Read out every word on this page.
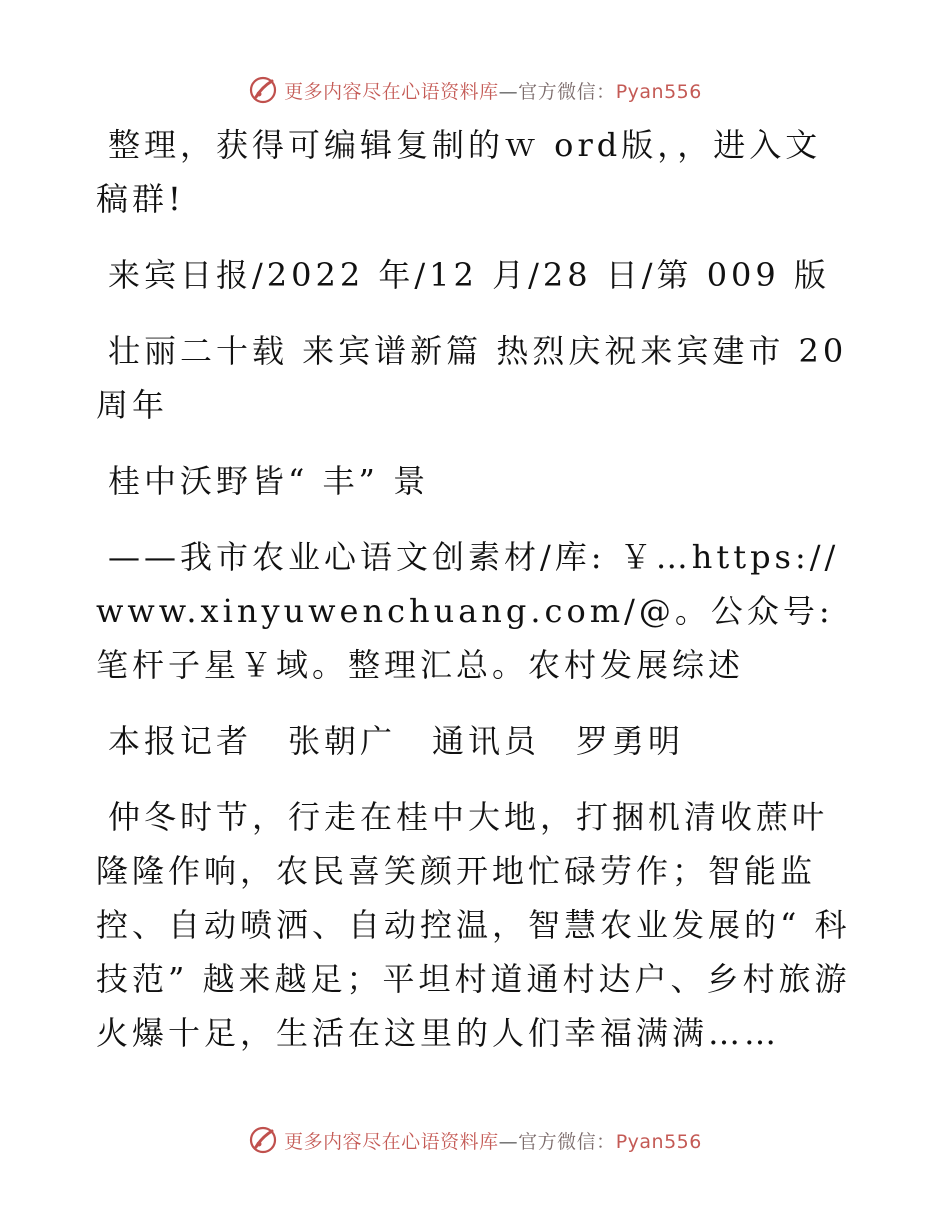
更多内容尽在心语资料库—官方微信：Pyan556

整理，获得可编辑复制的ｗ ord版，，进入文稿群!

来宾日报/2022 年/12 月/28 日/第 009 版

壮丽二十载 来宾谱新篇 热烈庆祝来宾建市 20 周年

桂中沃野皆“ 丰” 景

——我市农业心语文创素材/库: ￥…https:// www.xinyuwenchuang.com/@。公众号: 笔杆子星￥域。整理汇总。农村发展综述

本报记者　张朝广　通讯员　罗勇明

仲冬时节，行走在桂中大地，打捆机清收蔗叶隆隆作响，农民喜笑颜开地忙碌劳作；智能监控、自动喷洒、自动控温，智慧农业发展的“ 科技范” 越来越足；平坦村道通村达户、乡村旅游火爆十足，生活在这里的人们幸福满满……

更多内容尽在心语资料库—官方微信：Pyan556
